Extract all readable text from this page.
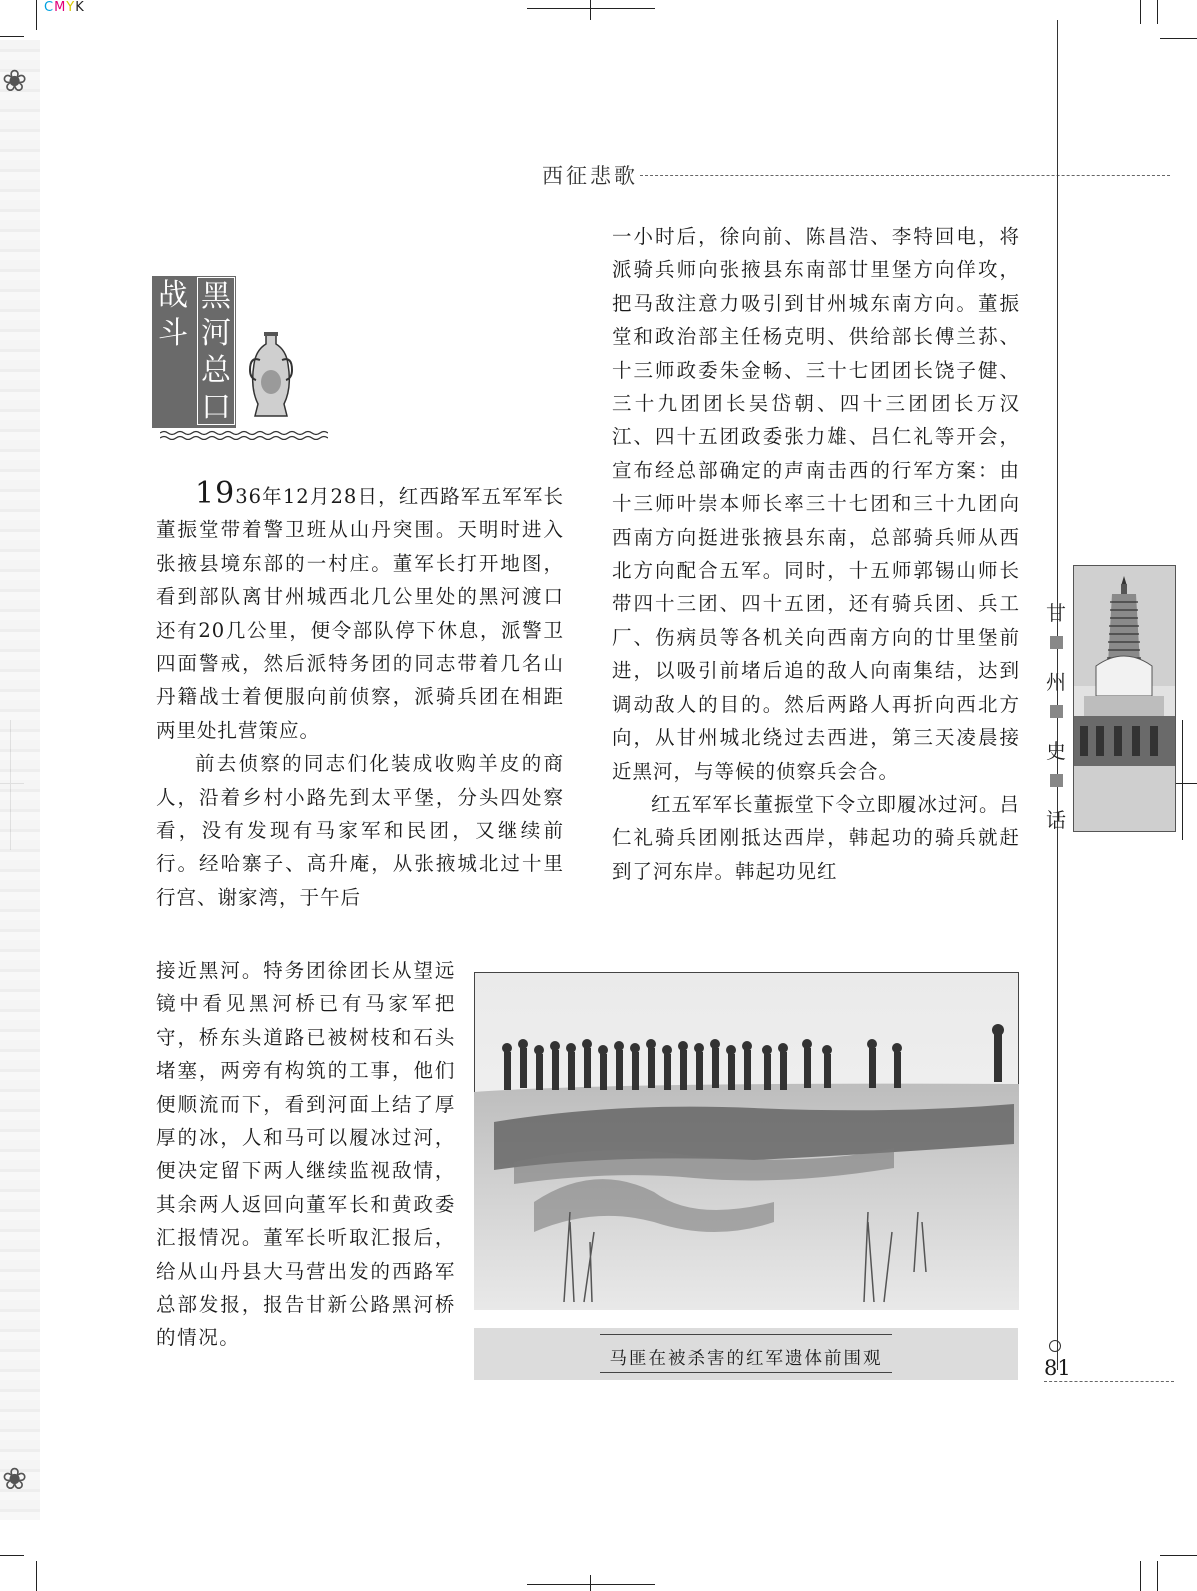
CMYK
❀
❀
西征悲歌
战斗
黑河总口

1936年12月28日，红西路军五军军长董振堂带着警卫班从山丹突围。天明时进入张掖县境东部的一村庄。董军长打开地图，看到部队离甘州城西北几公里处的黑河渡口还有20几公里，便令部队停下休息，派警卫四面警戒，然后派特务团的同志带着几名山丹籍战士着便服向前侦察，派骑兵团在相距两里处扎营策应。

前去侦察的同志们化装成收购羊皮的商人，沿着乡村小路先到太平堡，分头四处察看，没有发现有马家军和民团，又继续前行。经哈寨子、高升庵，从张掖城北过十里行宫、谢家湾，于午后

接近黑河。特务团徐团长从望远镜中看见黑河桥已有马家军把守，桥东头道路已被树枝和石头堵塞，两旁有构筑的工事，他们便顺流而下，看到河面上结了厚厚的冰，人和马可以履冰过河，便决定留下两人继续监视敌情，其余两人返回向董军长和黄政委汇报情况。董军长听取汇报后，给从山丹县大马营出发的西路军总部发报，报告甘新公路黑河桥的情况。

一小时后，徐向前、陈昌浩、李特回电，将派骑兵师向张掖县东南部廿里堡方向佯攻，把马敌注意力吸引到甘州城东南方向。董振堂和政治部主任杨克明、供给部长傅兰荪、十三师政委朱金畅、三十七团团长饶子健、三十九团团长吴岱朝、四十三团团长万汉江、四十五团政委张力雄、吕仁礼等开会，宣布经总部确定的声南击西的行军方案：由十三师叶崇本师长率三十七团和三十九团向西南方向挺进张掖县东南，总部骑兵师从西北方向配合五军。同时，十五师郭锡山师长带四十三团、四十五团，还有骑兵团、兵工厂、伤病员等各机关向西南方向的廿里堡前进，以吸引前堵后追的敌人向南集结，达到调动敌人的目的。然后两路人再折向西北方向，从甘州城北绕过去西进，第三天凌晨接近黑河，与等候的侦察兵会合。

红五军军长董振堂下令立即履冰过河。吕仁礼骑兵团刚抵达西岸，韩起功的骑兵就赶到了河东岸。韩起功见红

马匪在被杀害的红军遗体前围观
甘
州
史
话
81
